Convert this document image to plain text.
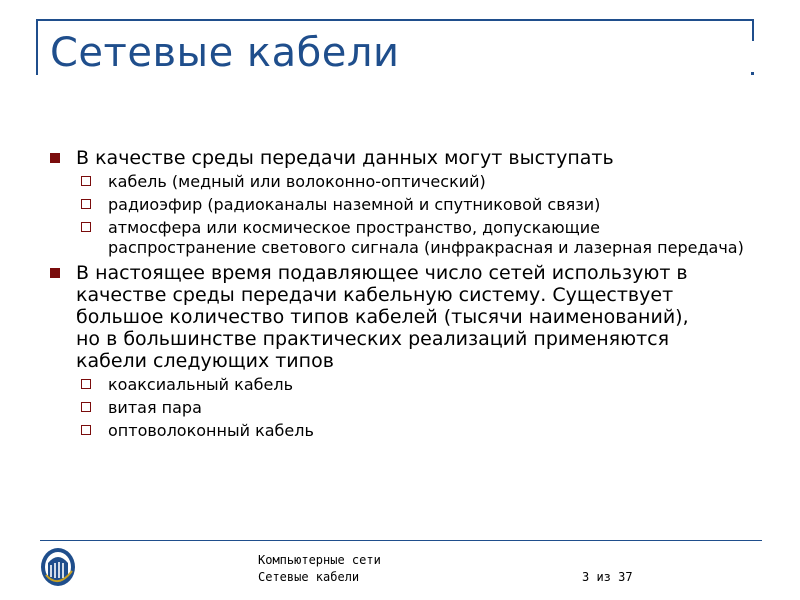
Сетевые кабели
В качестве среды передачи данных могут выступать
кабель (медный или волоконно-оптический)
радиоэфир (радиоканалы наземной и спутниковой связи)
атмосфера или космическое пространство, допускающие распространение светового сигнала (инфракрасная и лазерная передача)
В настоящее время подавляющее число сетей используют в качестве среды передачи кабельную систему. Существует большое количество типов кабелей (тысячи наименований), но в большинстве практических реализаций применяются кабели следующих типов
коаксиальный кабель
витая пара
оптоволоконный кабель
Компьютерные сети
Сетевые кабели	3 из 37
